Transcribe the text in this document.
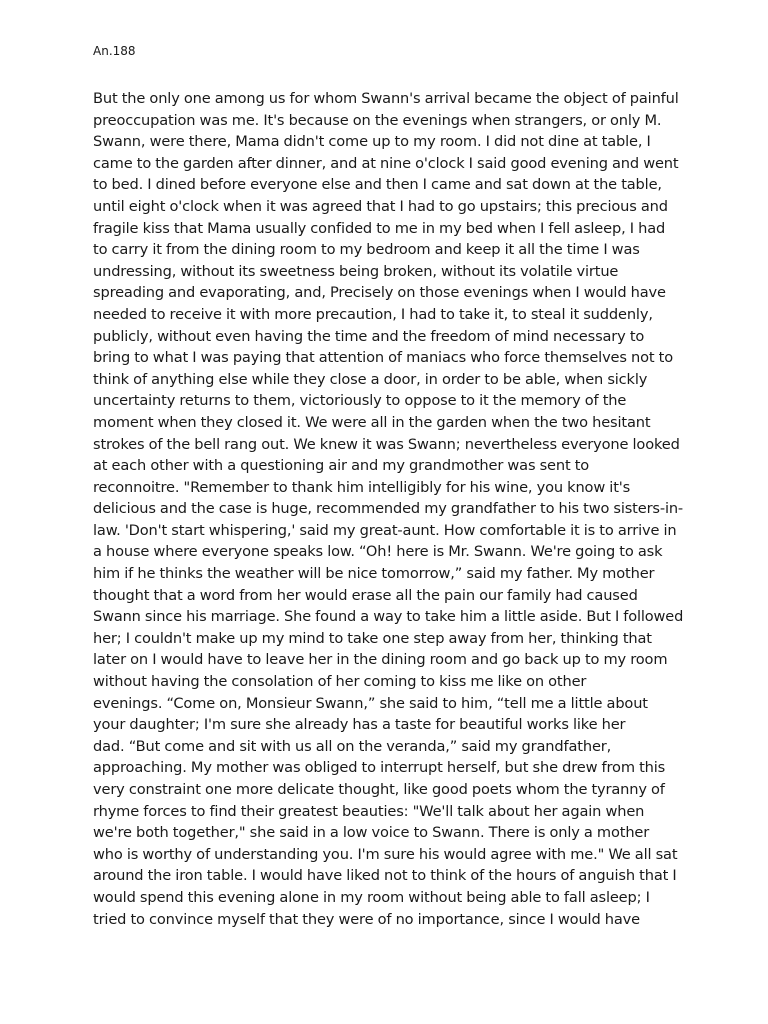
An.188

But the only one among us for whom Swann's arrival became the object of painful
preoccupation was me. It's because on the evenings when strangers, or only M.
Swann, were there, Mama didn't come up to my room. I did not dine at table, I
came to the garden after dinner, and at nine o'clock I said good evening and went
to bed. I dined before everyone else and then I came and sat down at the table,
until eight o'clock when it was agreed that I had to go upstairs; this precious and
fragile kiss that Mama usually confided to me in my bed when I fell asleep, I had
to carry it from the dining room to my bedroom and keep it all the time I was
undressing, without its sweetness being broken, without its volatile virtue
spreading and evaporating, and, Precisely on those evenings when I would have
needed to receive it with more precaution, I had to take it, to steal it suddenly,
publicly, without even having the time and the freedom of mind necessary to
bring to what I was paying that attention of maniacs who force themselves not to
think of anything else while they close a door, in order to be able, when sickly
uncertainty returns to them, victoriously to oppose to it the memory of the
moment when they closed it. We were all in the garden when the two hesitant
strokes of the bell rang out. We knew it was Swann; nevertheless everyone looked
at each other with a questioning air and my grandmother was sent to
reconnoitre. "Remember to thank him intelligibly for his wine, you know it's
delicious and the case is huge, recommended my grandfather to his two sisters-in-
law. 'Don't start whispering,' said my great-aunt. How comfortable it is to arrive in
a house where everyone speaks low. “Oh! here is Mr. Swann. We're going to ask
him if he thinks the weather will be nice tomorrow,” said my father. My mother
thought that a word from her would erase all the pain our family had caused
Swann since his marriage. She found a way to take him a little aside. But I followed
her; I couldn't make up my mind to take one step away from her, thinking that
later on I would have to leave her in the dining room and go back up to my room
without having the consolation of her coming to kiss me like on other
evenings. “Come on, Monsieur Swann,” she said to him, “tell me a little about
your daughter; I'm sure she already has a taste for beautiful works like her
dad. “But come and sit with us all on the veranda,” said my grandfather,
approaching. My mother was obliged to interrupt herself, but she drew from this
very constraint one more delicate thought, like good poets whom the tyranny of
rhyme forces to find their greatest beauties: "We'll talk about her again when
we're both together," she said in a low voice to Swann. There is only a mother
who is worthy of understanding you. I'm sure his would agree with me." We all sat
around the iron table. I would have liked not to think of the hours of anguish that I
would spend this evening alone in my room without being able to fall asleep; I
tried to convince myself that they were of no importance, since I would have
